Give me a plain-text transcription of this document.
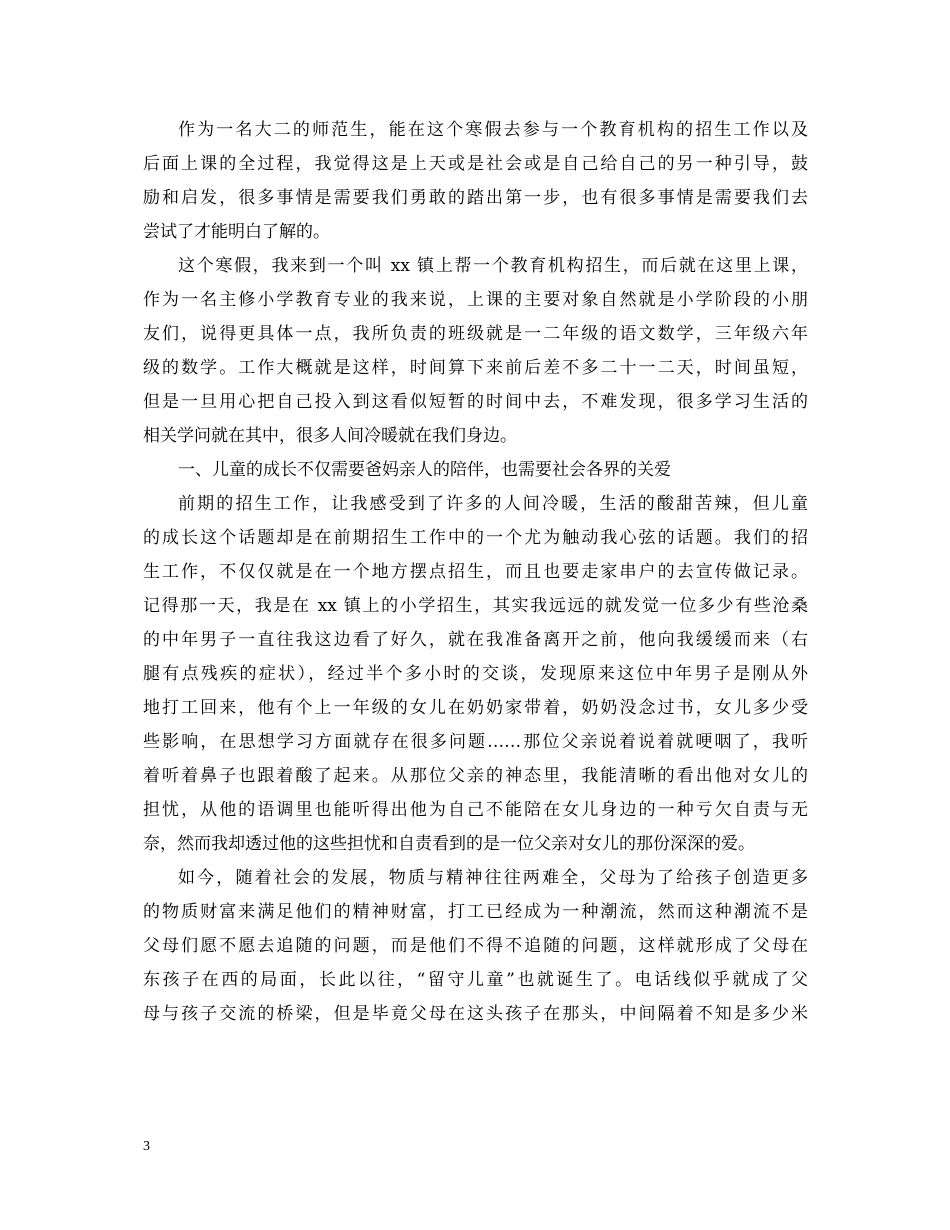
作为一名大二的师范生，能在这个寒假去参与一个教育机构的招生工作以及
后面上课的全过程，我觉得这是上天或是社会或是自己给自己的另一种引导，鼓
励和启发，很多事情是需要我们勇敢的踏出第一步，也有很多事情是需要我们去
尝试了才能明白了解的。
这个寒假，我来到一个叫 xx 镇上帮一个教育机构招生，而后就在这里上课，
作为一名主修小学教育专业的我来说，上课的主要对象自然就是小学阶段的小朋
友们，说得更具体一点，我所负责的班级就是一二年级的语文数学，三年级六年
级的数学。工作大概就是这样，时间算下来前后差不多二十一二天，时间虽短，
但是一旦用心把自己投入到这看似短暂的时间中去，不难发现，很多学习生活的
相关学问就在其中，很多人间冷暖就在我们身边。
一、儿童的成长不仅需要爸妈亲人的陪伴，也需要社会各界的关爱
前期的招生工作，让我感受到了许多的人间冷暖，生活的酸甜苦辣，但儿童
的成长这个话题却是在前期招生工作中的一个尤为触动我心弦的话题。我们的招
生工作，不仅仅就是在一个地方摆点招生，而且也要走家串户的去宣传做记录。
记得那一天，我是在 xx 镇上的小学招生，其实我远远的就发觉一位多少有些沧桑
的中年男子一直往我这边看了好久，就在我准备离开之前，他向我缓缓而来（右
腿有点残疾的症状），经过半个多小时的交谈，发现原来这位中年男子是刚从外
地打工回来，他有个上一年级的女儿在奶奶家带着，奶奶没念过书，女儿多少受
些影响，在思想学习方面就存在很多问题……那位父亲说着说着就哽咽了，我听
着听着鼻子也跟着酸了起来。从那位父亲的神态里，我能清晰的看出他对女儿的
担忧，从他的语调里也能听得出他为自己不能陪在女儿身边的一种亏欠自责与无
奈，然而我却透过他的这些担忧和自责看到的是一位父亲对女儿的那份深深的爱。
如今，随着社会的发展，物质与精神往往两难全，父母为了给孩子创造更多
的物质财富来满足他们的精神财富，打工已经成为一种潮流，然而这种潮流不是
父母们愿不愿去追随的问题，而是他们不得不追随的问题，这样就形成了父母在
东孩子在西的局面，长此以往，“留守儿童”也就诞生了。电话线似乎就成了父
母与孩子交流的桥梁，但是毕竟父母在这头孩子在那头，中间隔着不知是多少米
3
